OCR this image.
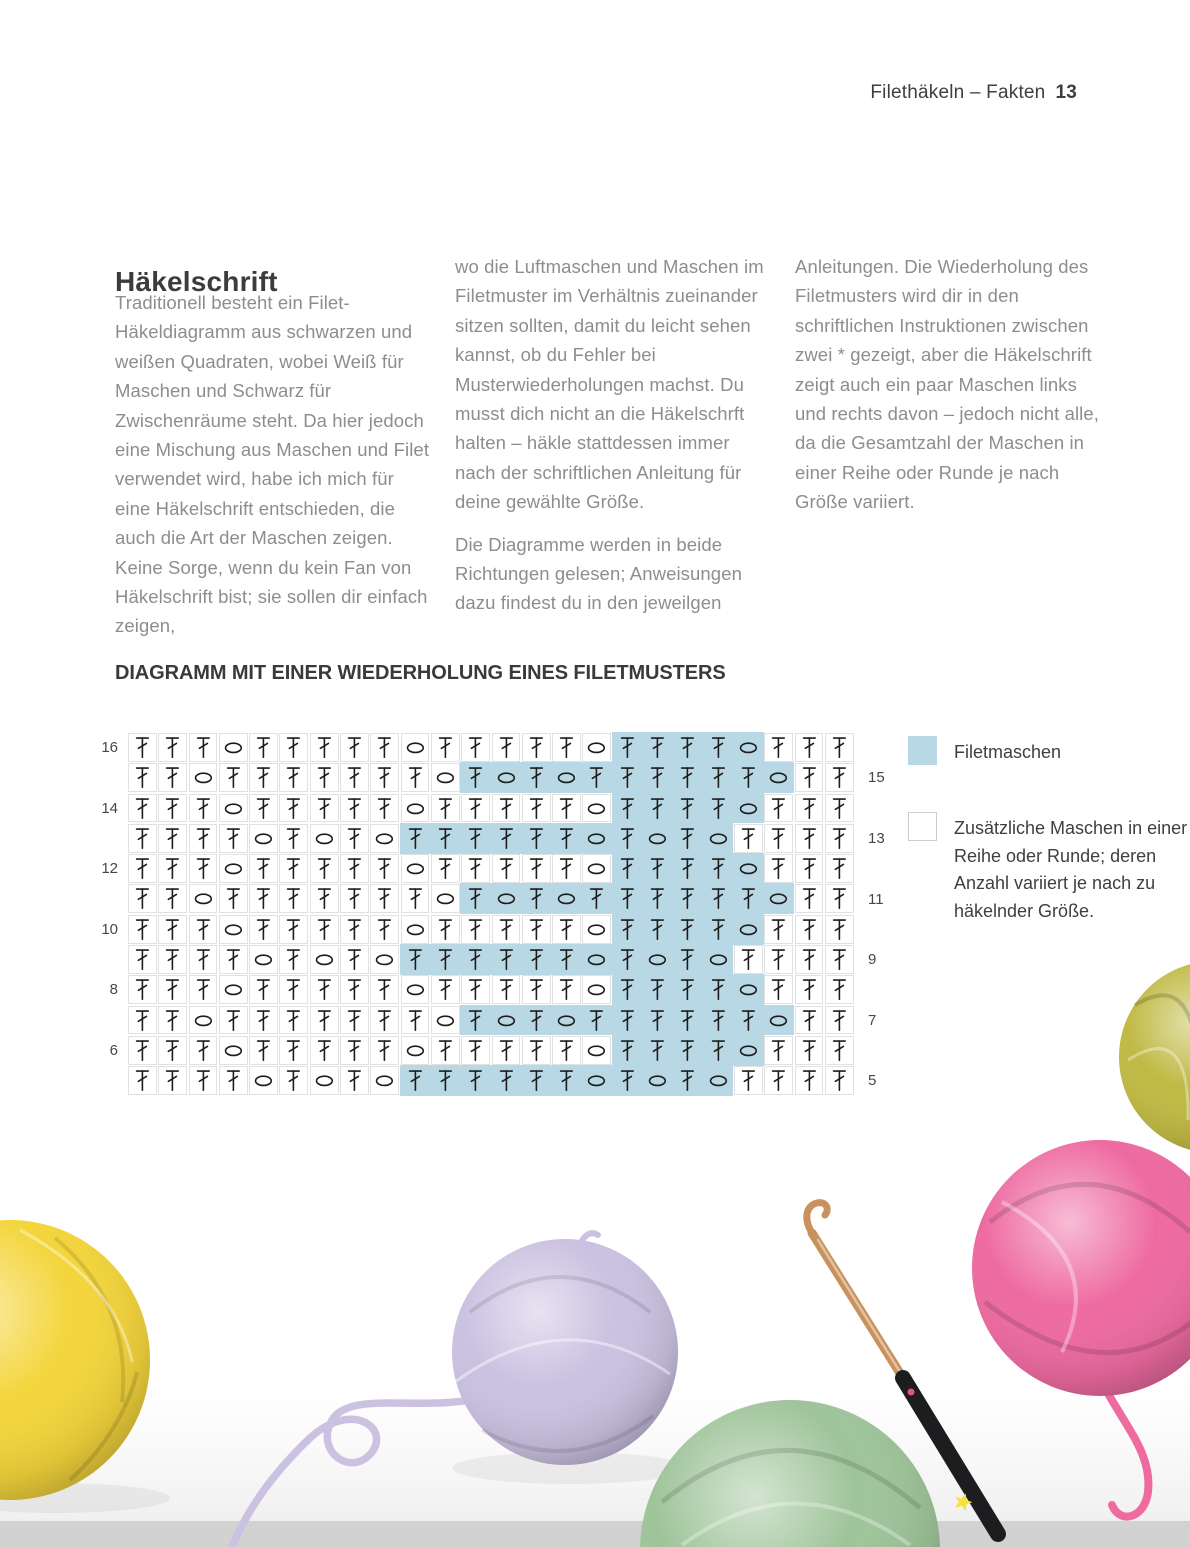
Filethäkeln – Fakten 13
Häkelschrift

Traditionell besteht ein Filet-Häkeldiagramm aus schwarzen und weißen Quadraten, wobei Weiß für Maschen und Schwarz für Zwischenräume steht. Da hier jedoch eine Mischung aus Maschen und Filet verwendet wird, habe ich mich für eine Häkelschrift entschieden, die auch die Art der Maschen zeigen. Keine Sorge, wenn du kein Fan von Häkelschrift bist; sie sollen dir einfach zeigen,

wo die Luftmaschen und Maschen im Filetmuster im Verhältnis zueinander sitzen sollten, damit du leicht sehen kannst, ob du Fehler bei Musterwiederholungen machst. Du musst dich nicht an die Häkelschrft halten – häkle stattdessen immer nach der schriftlichen Anleitung für deine gewählte Größe.

Die Diagramme werden in beide Richtungen gelesen; Anweisungen dazu findest du in den jeweilgen

Anleitungen. Die Wiederholung des Filetmusters wird dir in den schriftlichen Instruktionen zwischen zwei * gezeigt, aber die Häkelschrift zeigt auch ein paar Maschen links und rechts davon – jedoch nicht alle, da die Gesamtzahl der Maschen in einer Reihe oder Runde je nach Größe variiert.

DIAGRAMM MIT EINER WIEDERHOLUNG EINES FILETMUSTERS
16
15
14
13
12
11
10
9
8
7
6
5
Filetmaschen
Zusätzliche Maschen in einer Reihe oder Runde; deren Anzahl variiert je nach zu häkelnder Größe.
